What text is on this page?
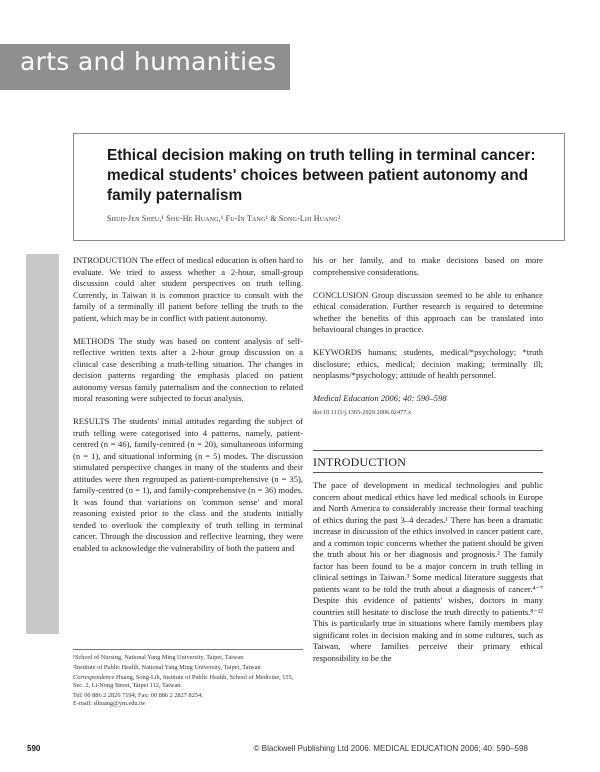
arts and humanities
Ethical decision making on truth telling in terminal cancer: medical students' choices between patient autonomy and family paternalism
Shuh-Jen Sheu,¹ Shu-He Huang,¹ Fu-In Tang¹ & Song-Lih Huang²

INTRODUCTION The effect of medical education is often hard to evaluate. We tried to assess whether a 2-hour, small-group discussion could alter student perspectives on truth telling. Currently, in Taiwan it is common practice to consult with the family of a terminally ill patient before telling the truth to the patient, which may be in conflict with patient autonomy.

METHODS The study was based on content analysis of self-reflective written texts after a 2-hour group discussion on a clinical case describing a truth-telling situation. The changes in decision patterns regarding the emphasis placed on patient autonomy versus family paternalism and the connection to related moral reasoning were subjected to focus analysis.

RESULTS The students' initial attitudes regarding the subject of truth telling were categorised into 4 patterns, namely, patient-centred (n = 46), family-centred (n = 20), simultaneous informing (n = 1), and situational informing (n = 5) modes. The discussion stimulated perspective changes in many of the students and their attitudes were then regrouped as patient-comprehensive (n = 35), family-centred (n = 1), and family-comprehensive (n = 36) modes. It was found that variations on 'common sense' and moral reasoning existed prior to the class and the students initially tended to overlook the complexity of truth telling in terminal cancer. Through the discussion and reflective learning, they were enabled to acknowledge the vulnerability of both the patient and

his or her family, and to make decisions based on more comprehensive considerations.

CONCLUSION Group discussion seemed to be able to enhance ethical consideration. Further research is required to determine whether the benefits of this approach can be translated into behavioural changes in practice.

KEYWORDS humans; students, medical/*psychology; *truth disclosure; ethics, medical; decision making; terminally ill; neoplasms/*psychology; attitude of health personnel.

Medical Education 2006; 40: 590–598
doi:10.1111/j.1365-2929.2006.02477.x
INTRODUCTION

The pace of development in medical technologies and public concern about medical ethics have led medical schools in Europe and North America to considerably increase their formal teaching of ethics during the past 3–4 decades.¹ There has been a dramatic increase in discussion of the ethics involved in cancer patient care, and a common topic concerns whether the patient should be given the truth about his or her diagnosis and prognosis.² The family factor has been found to be a major concern in truth telling in clinical settings in Taiwan.³ Some medical literature suggests that patients want to be told the truth about a diagnosis of cancer.⁴⁻⁷ Despite this evidence of patients' wishes, doctors in many countries still hesitate to disclose the truth directly to patients.⁸⁻¹² This is particularly true in situations where family members play significant roles in decision making and in some cultures, such as Taiwan, where families perceive their primary ethical responsibility to be the

¹School of Nursing, National Yang Ming University, Taipei, Taiwan
²Institute of Public Health, National Yang Ming University, Taipei, Taiwan
Correspondence Huang, Song-Lih, Institute of Public Health, School of Medicine, 155, Sec. 2, Li-Nong Street, Taipei 112, Taiwan.
Tel: 00 886 2 2826 7194; Fax: 00 886 2 2827 8254;
E-mail: slhuang@ym.edu.tw
590	© Blackwell Publishing Ltd 2006. MEDICAL EDUCATION 2006; 40: 590–598
